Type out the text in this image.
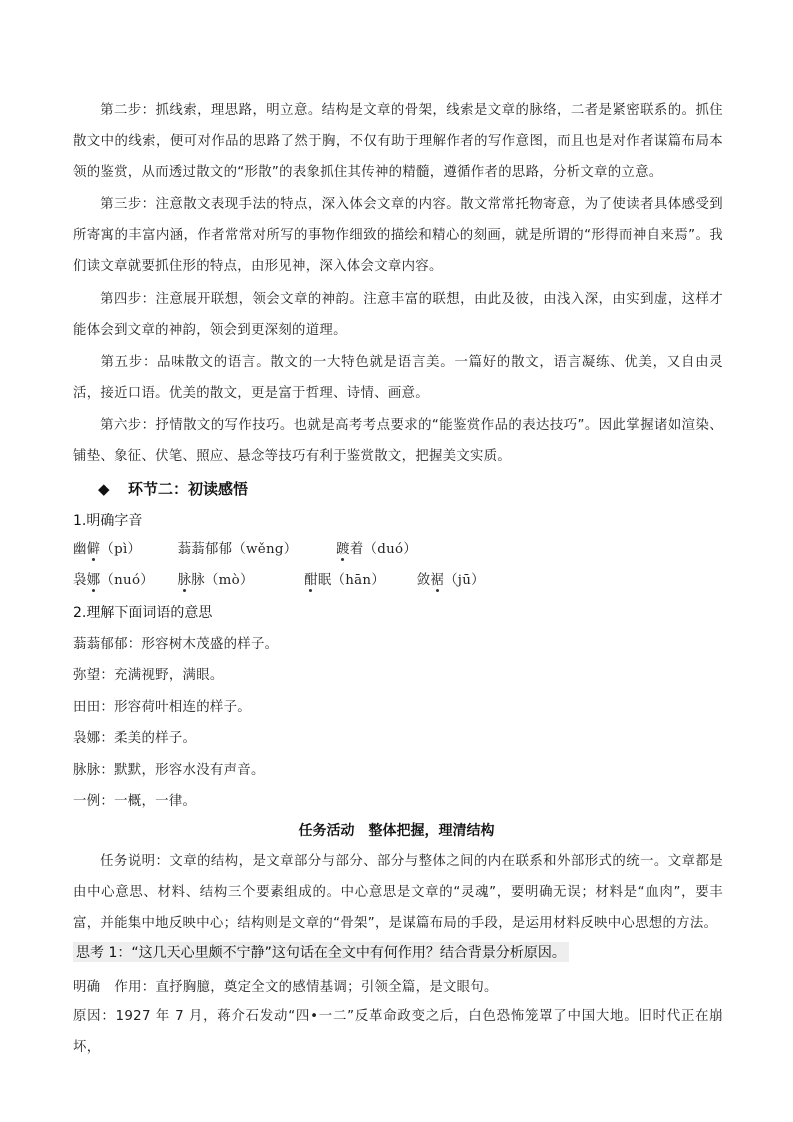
第二步：抓线索，理思路，明立意。结构是文章的骨架，线索是文章的脉络，二者是紧密联系的。抓住散文中的线索，便可对作品的思路了然于胸，不仅有助于理解作者的写作意图，而且也是对作者谋篇布局本领的鉴赏，从而透过散文的“形散”的表象抓住其传神的精髓，遵循作者的思路，分析文章的立意。
第三步：注意散文表现手法的特点，深入体会文章的内容。散文常常托物寄意，为了使读者具体感受到所寄寓的丰富内涵，作者常常对所写的事物作细致的描绘和精心的刻画，就是所谓的“形得而神自来焉”。我们读文章就要抓住形的特点，由形见神，深入体会文章内容。
第四步：注意展开联想，领会文章的神韵。注意丰富的联想，由此及彼，由浅入深，由实到虚，这样才能体会到文章的神韵，领会到更深刻的道理。
第五步：品味散文的语言。散文的一大特色就是语言美。一篇好的散文，语言凝练、优美，又自由灵活，接近口语。优美的散文，更是富于哲理、诗情、画意。
第六步：抒情散文的写作技巧。也就是高考考点要求的“能鉴赏作品的表达技巧”。因此掌握诸如渲染、铺垫、象征、伏笔、照应、悬念等技巧有利于鉴赏散文，把握美文实质。
◆ 环节二：初读感悟
1.明确字音
幽僻（pì）	蓊蓊郁郁（wěng）	踱着（duó）
袅娜（nuó） 脉脉（mò）	酣眠（hān） 敛裾（jū）
2.理解下面词语的意思
蓊蓊郁郁：形容树木茂盛的样子。
弥望：充满视野，满眼。
田田：形容荷叶相连的样子。
袅娜：柔美的样子。
脉脉：默默，形容水没有声音。
一例：一概，一律。
任务活动　整体把握，理清结构
任务说明：文章的结构，是文章部分与部分、部分与整体之间的内在联系和外部形式的统一。文章都是由中心意思、材料、结构三个要素组成的。中心意思是文章的“灵魂”，要明确无误；材料是“血肉”，要丰富，并能集中地反映中心；结构则是文章的“骨架”，是谋篇布局的手段，是运用材料反映中心思想的方法。
思考 1：“这几天心里颇不宁静”这句话在全文中有何作用？结合背景分析原因。
明确 作用：直抒胸臆，奠定全文的感情基调；引领全篇，是文眼句。
原因：1927 年 7 月，蒋介石发动“四•一二”反革命政变之后，白色恐怖笼罩了中国大地。旧时代正在崩坏，
